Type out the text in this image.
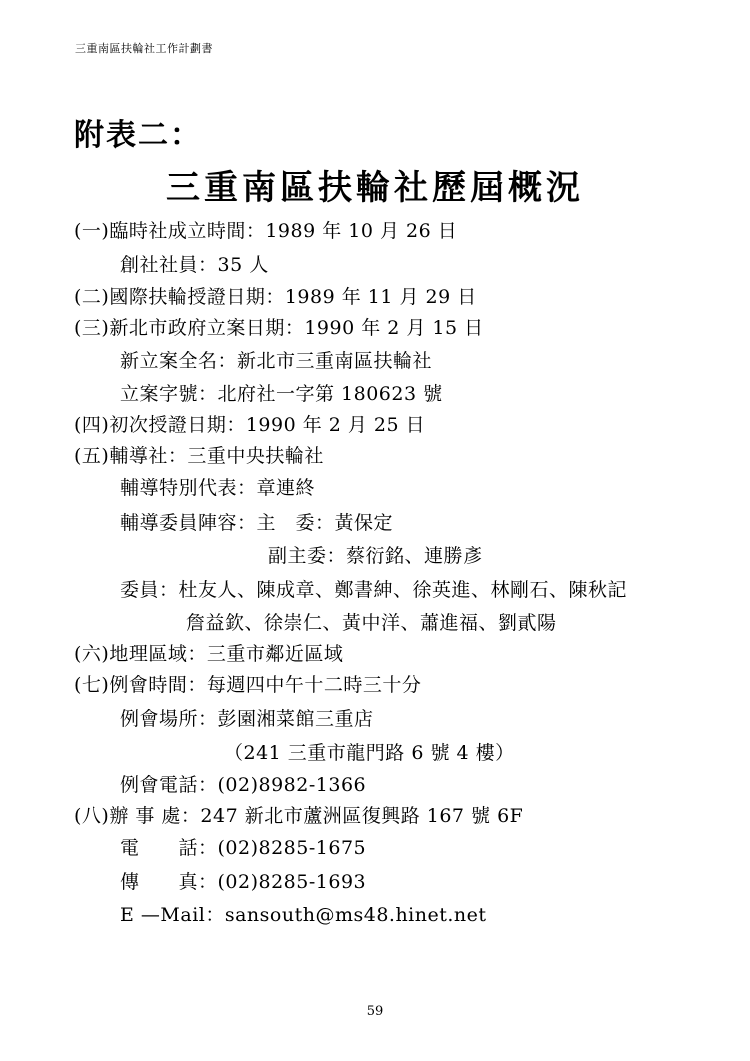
三重南區扶輪社工作計劃書
附表二：
三重南區扶輪社歷屆概況
(一)臨時社成立時間：1989 年 10 月 26 日
創社社員：35 人
(二)國際扶輪授證日期：1989 年 11 月 29 日
(三)新北市政府立案日期：1990 年 2 月 15 日
新立案全名：新北市三重南區扶輪社
立案字號：北府社一字第 180623 號
(四)初次授證日期：1990 年 2 月 25 日
(五)輔導社：三重中央扶輪社
輔導特別代表：章連終
輔導委員陣容：主　委：黃保定
副主委：蔡衍銘、連勝彥
委員：杜友人、陳成章、鄭書紳、徐英進、林剛石、陳秋記
詹益欽、徐崇仁、黃中洋、蕭進福、劉貳陽
(六)地理區域：三重市鄰近區域
(七)例會時間：每週四中午十二時三十分
例會場所：彭園湘菜館三重店
（241 三重市龍門路 6 號 4 樓）
例會電話：(02)8982-1366
(八)辦 事 處：247 新北市蘆洲區復興路 167 號 6F
電　　話：(02)8285-1675
傳　　真：(02)8285-1693
E —Mail：sansouth@ms48.hinet.net
59
